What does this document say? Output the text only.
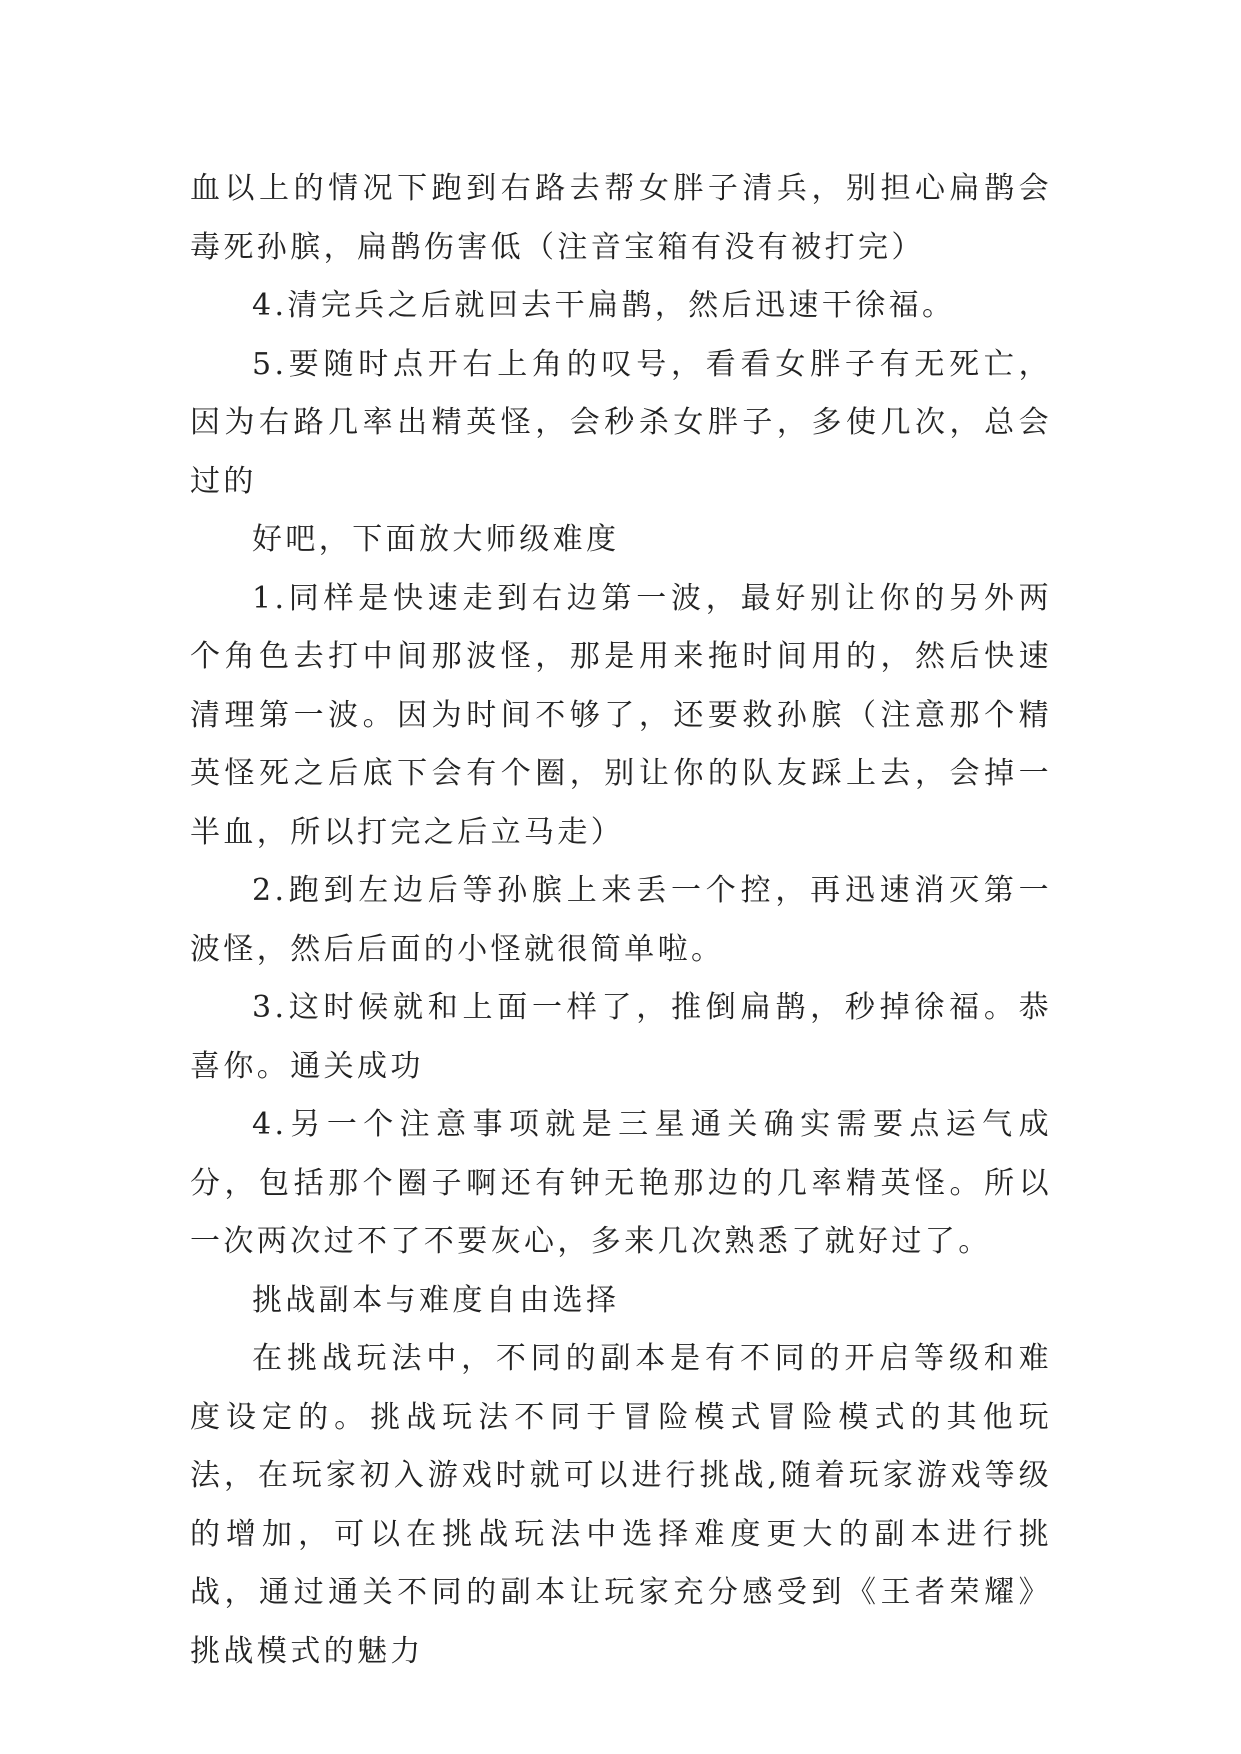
血以上的情况下跑到右路去帮女胖子清兵，别担心扁鹊会毒死孙膑，扁鹊伤害低（注音宝箱有没有被打完）

4.清完兵之后就回去干扁鹊，然后迅速干徐福。

5.要随时点开右上角的叹号，看看女胖子有无死亡，因为右路几率出精英怪，会秒杀女胖子，多使几次，总会过的

好吧，下面放大师级难度

1.同样是快速走到右边第一波，最好别让你的另外两个角色去打中间那波怪，那是用来拖时间用的，然后快速清理第一波。因为时间不够了，还要救孙膑（注意那个精英怪死之后底下会有个圈，别让你的队友踩上去，会掉一半血，所以打完之后立马走）

2.跑到左边后等孙膑上来丢一个控，再迅速消灭第一波怪，然后后面的小怪就很简单啦。

3.这时候就和上面一样了，推倒扁鹊，秒掉徐福。恭喜你。通关成功

4.另一个注意事项就是三星通关确实需要点运气成分，包括那个圈子啊还有钟无艳那边的几率精英怪。所以一次两次过不了不要灰心，多来几次熟悉了就好过了。

挑战副本与难度自由选择

在挑战玩法中，不同的副本是有不同的开启等级和难度设定的。挑战玩法不同于冒险模式冒险模式的其他玩法，在玩家初入游戏时就可以进行挑战,随着玩家游戏等级的增加，可以在挑战玩法中选择难度更大的副本进行挑战，通过通关不同的副本让玩家充分感受到《王者荣耀》挑战模式的魅力
